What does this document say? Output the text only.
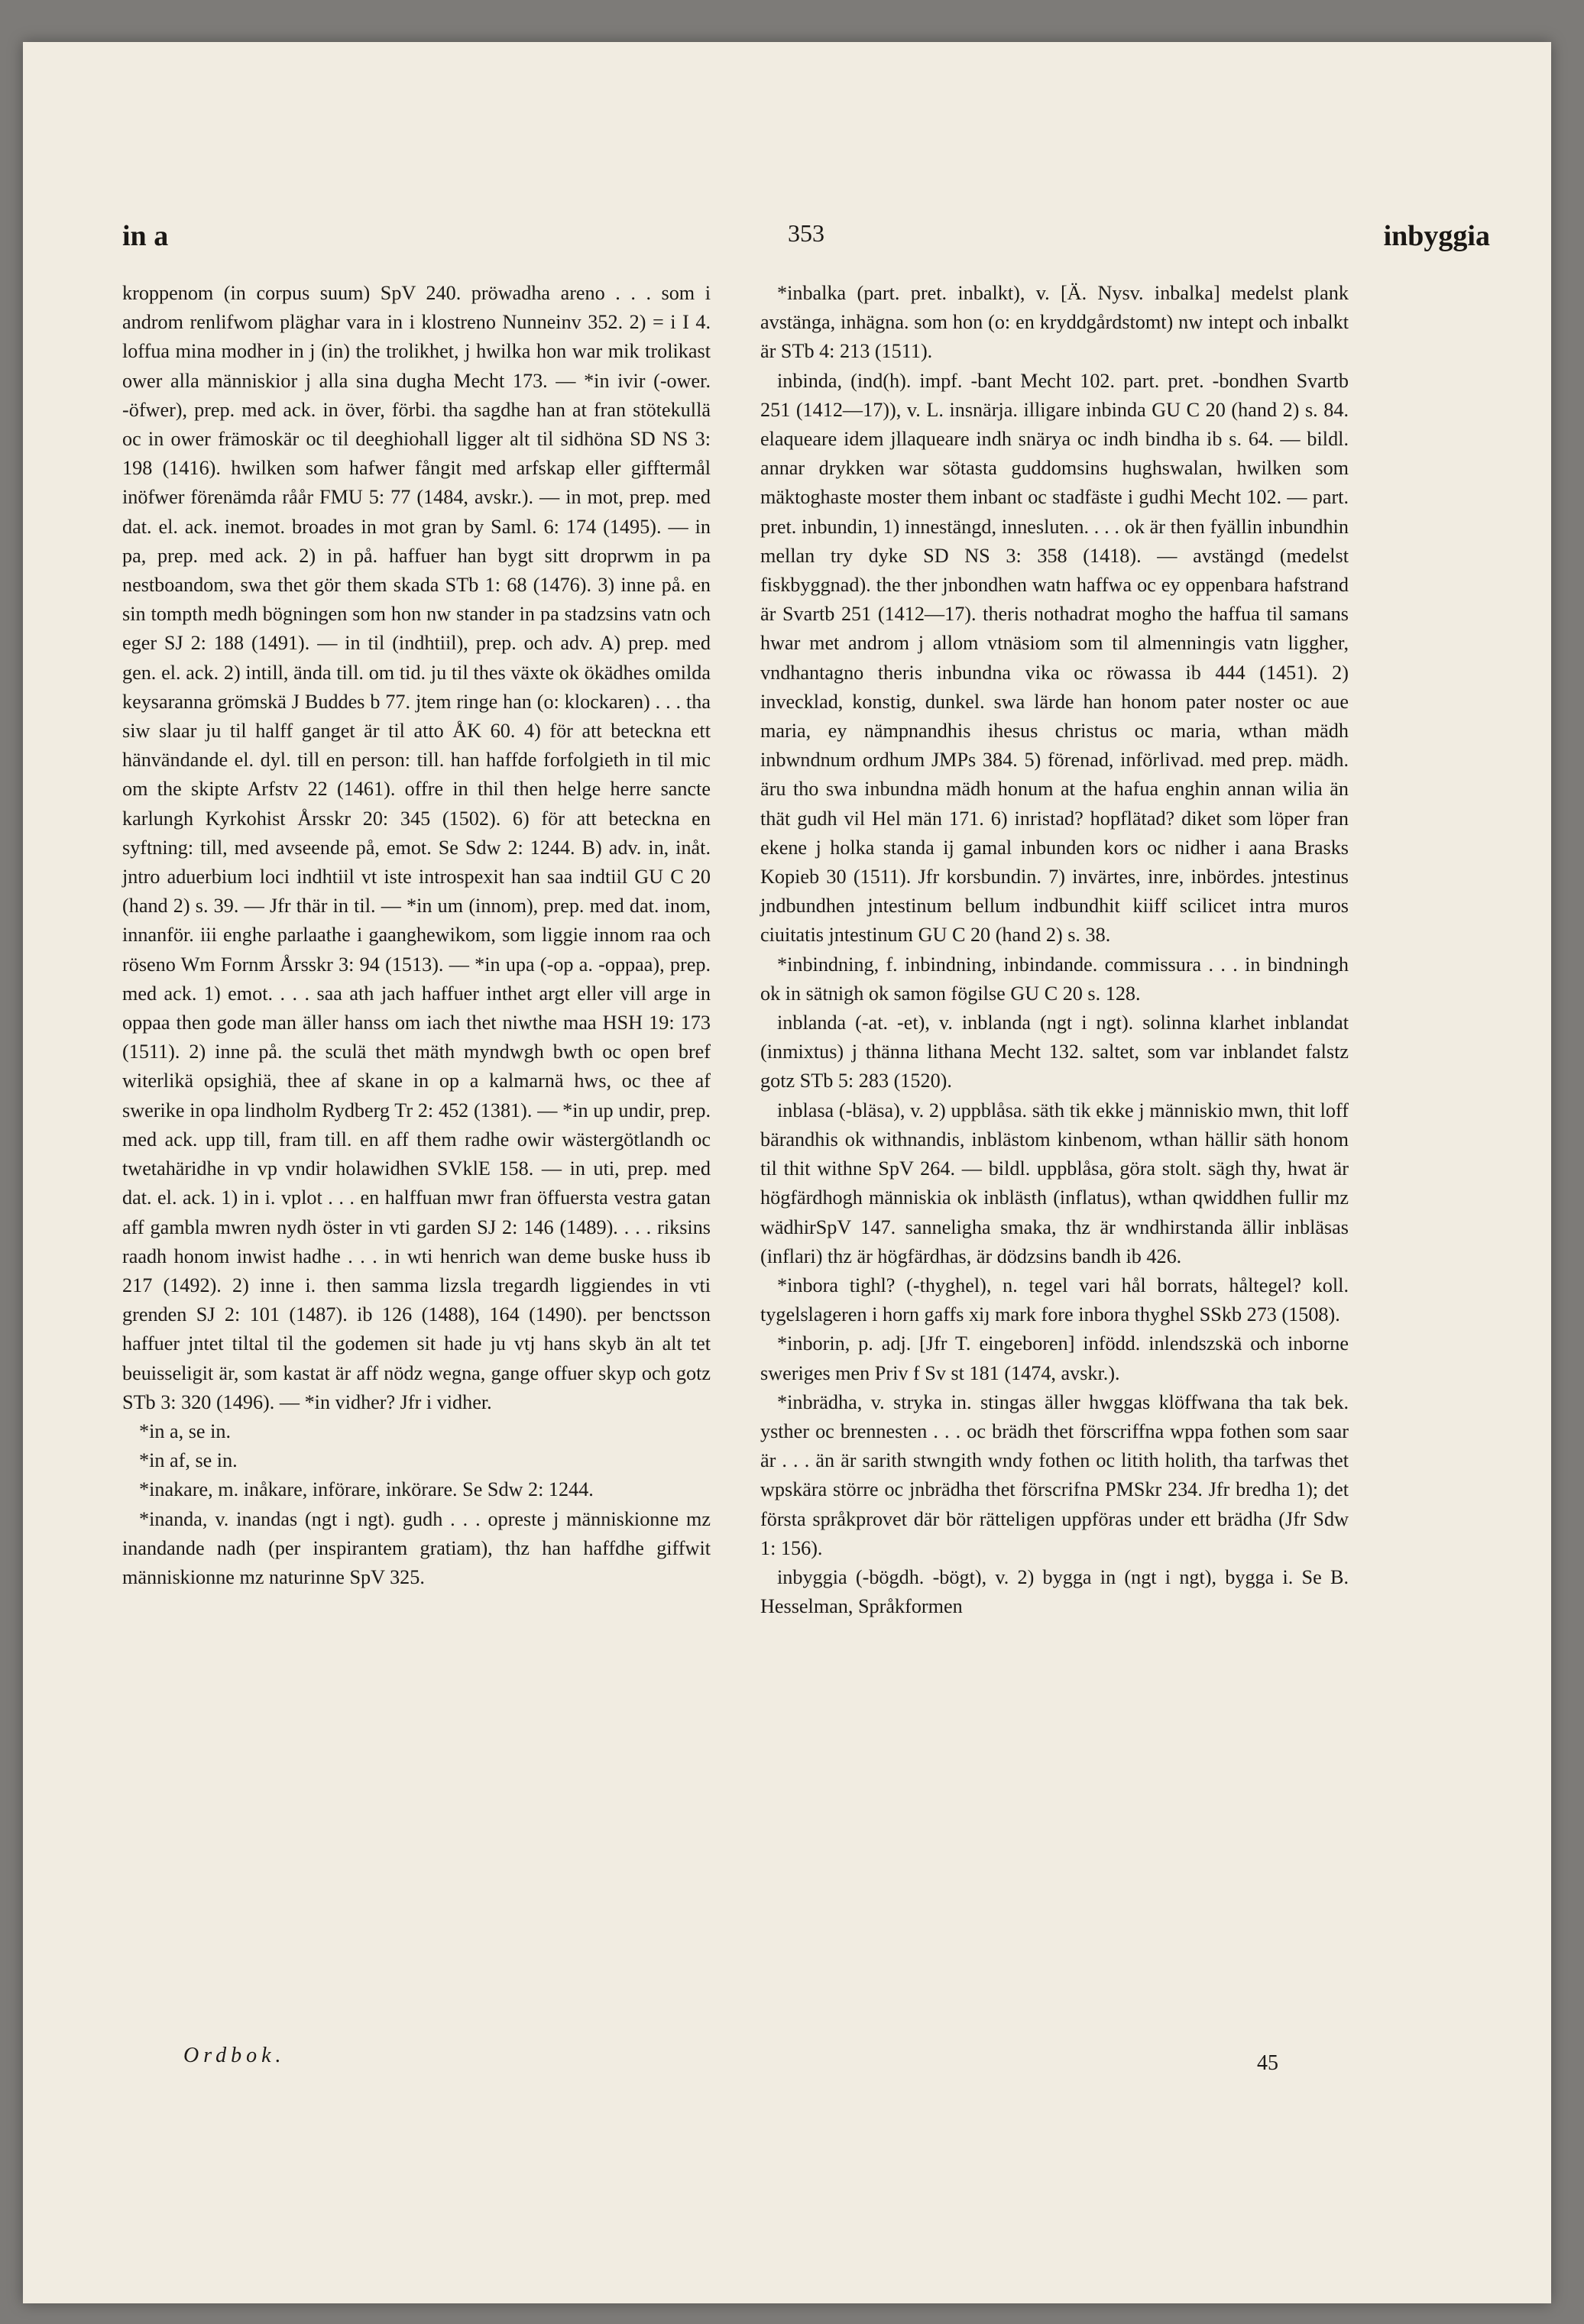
in a	353	inbyggia

kroppenom (in corpus suum) SpV 240. pröwadha areno . . . som i androm renlifwom pläghar vara in i klostreno Nunneinv 352. 2) = i I 4. loffua mina modher in j (in) the trolikhet, j hwilka hon war mik trolikast ower alla människior j alla sina dugha Mecht 173. — *in ivir (-ower. -öfwer), prep. med ack. in över, förbi. tha sagdhe han at fran stötekullä oc in ower främoskär oc til deeghiohall ligger alt til sidhöna SD NS 3: 198 (1416). hwilken som hafwer fångit med arfskap eller gifftermål inöfwer förenämda råår FMU 5: 77 (1484, avskr.). — in mot, prep. med dat. el. ack. inemot. broades in mot gran by Saml. 6: 174 (1495). — in pa, prep. med ack. 2) in på. haffuer han bygt sitt droprwm in pa nestboandom, swa thet gör them skada STb 1: 68 (1476). 3) inne på. en sin tompth medh bögningen som hon nw stander in pa stadzsins vatn och eger SJ 2: 188 (1491). — in til (indhtiil), prep. och adv. A) prep. med gen. el. ack. 2) intill, ända till. om tid. ju til thes växte ok ökädhes omilda keysaranna grömskä J Buddes b 77. jtem ringe han (o: klockaren) . . . tha siw slaar ju til halff ganget är til atto ÅK 60. 4) för att beteckna ett hänvändande el. dyl. till en person: till. han haffde forfolgieth in til mic om the skipte Arfstv 22 (1461). offre in thil then helge herre sancte karlungh Kyrkohist Årsskr 20: 345 (1502). 6) för att beteckna en syftning: till, med avseende på, emot. Se Sdw 2: 1244. B) adv. in, inåt. jntro aduerbium loci indhtiil vt iste introspexit han saa indtiil GU C 20 (hand 2) s. 39. — Jfr thär in til. — *in um (innom), prep. med dat. inom, innanför. iii enghe parlaathe i gaanghewikom, som liggie innom raa och röseno Wm Fornm Årsskr 3: 94 (1513). — *in upa (-op a. -oppaa), prep. med ack. 1) emot. . . . saa ath jach haffuer inthet argt eller vill arge in oppaa then gode man äller hanss om iach thet niwthe maa HSH 19: 173 (1511). 2) inne på. the sculä thet mäth myndwgh bwth oc open bref witerlikä opsighiä, thee af skane in op a kalmarnä hws, oc thee af swerike in opa lindholm Rydberg Tr 2: 452 (1381). — *in up undir, prep. med ack. upp till, fram till. en aff them radhe owir wästergötlandh oc twetahäridhe in vp vndir holawidhen SVklE 158. — in uti, prep. med dat. el. ack. 1) in i. vplot . . . en halffuan mwr fran öffuersta vestra gatan aff gambla mwren nydh öster in vti garden SJ 2: 146 (1489). . . . riksins raadh honom inwist hadhe . . . in wti henrich wan deme buske huss ib 217 (1492). 2) inne i. then samma lizsla tregardh liggiendes in vti grenden SJ 2: 101 (1487). ib 126 (1488), 164 (1490). per benctsson haffuer jntet tiltal til the godemen sit hade ju vtj hans skyb än alt tet beuisseligit är, som kastat är aff nödz wegna, gange offuer skyp och gotz STb 3: 320 (1496). — *in vidher? Jfr i vidher.

*in a, se in.

*in af, se in.

*inakare, m. inåkare, införare, inkörare. Se Sdw 2: 1244.

*inanda, v. inandas (ngt i ngt). gudh . . . opreste j människionne mz inandande nadh (per inspirantem gratiam), thz han haffdhe giffwit människionne mz naturinne SpV 325.

*inbalka (part. pret. inbalkt), v. [Ä. Nysv. inbalka] medelst plank avstänga, inhägna. som hon (o: en kryddgårdstomt) nw intept och inbalkt är STb 4: 213 (1511).

inbinda, (ind(h). impf. -bant Mecht 102. part. pret. -bondhen Svartb 251 (1412—17)), v. L. insnärja. illigare inbinda GU C 20 (hand 2) s. 84. elaqueare idem jllaqueare indh snärya oc indh bindha ib s. 64. — bildl. annar drykken war sötasta guddomsins hughswalan, hwilken som mäktoghaste moster them inbant oc stadfäste i gudhi Mecht 102. — part. pret. inbundin, 1) innestängd, innesluten. . . . ok är then fyällin inbundhin mellan try dyke SD NS 3: 358 (1418). — avstängd (medelst fiskbyggnad). the ther jnbondhen watn haffwa oc ey oppenbara hafstrand är Svartb 251 (1412—17). theris nothadrat mogho the haffua til samans hwar met androm j allom vtnäsiom som til almenningis vatn liggher, vndhantagno theris inbundna vika oc röwassa ib 444 (1451). 2) invecklad, konstig, dunkel. swa lärde han honom pater noster oc aue maria, ey nämpnandhis ihesus christus oc maria, wthan mädh inbwndnum ordhum JMPs 384. 5) förenad, införlivad. med prep. mädh. äru tho swa inbundna mädh honum at the hafua enghin annan wilia än thät gudh vil Hel män 171. 6) inristad? hopflätad? diket som löper fran ekene j holka standa ij gamal inbunden kors oc nidher i aana Brasks Kopieb 30 (1511). Jfr korsbundin. 7) invärtes, inre, inbördes. jntestinus jndbundhen jntestinum bellum indbundhit kiiff scilicet intra muros ciuitatis jntestinum GU C 20 (hand 2) s. 38.

*inbindning, f. inbindning, inbindande. commissura . . . in bindningh ok in sätnigh ok samon fögilse GU C 20 s. 128.

inblanda (-at. -et), v. inblanda (ngt i ngt). solinna klarhet inblandat (inmixtus) j thänna lithana Mecht 132. saltet, som var inblandet falstz gotz STb 5: 283 (1520).

inblasa (-bläsa), v. 2) uppblåsa. säth tik ekke j människio mwn, thit loff bärandhis ok withnandis, inblästom kinbenom, wthan hällir säth honom til thit withne SpV 264. — bildl. uppblåsa, göra stolt. sägh thy, hwat är högfärdhogh människia ok inblästh (inflatus), wthan qwiddhen fullir mz wädhirSpV 147. sanneligha smaka, thz är wndhirstanda ällir inbläsas (inflari) thz är högfärdhas, är dödzsins bandh ib 426.

*inbora tighl? (-thyghel), n. tegel vari hål borrats, håltegel? koll. tygelslageren i horn gaffs xiȷ mark fore inbora thyghel SSkb 273 (1508).

*inborin, p. adj. [Jfr T. eingeboren] infödd. inlendszskä och inborne sweriges men Priv f Sv st 181 (1474, avskr.).

*inbrädha, v. stryka in. stingas äller hwggas klöffwana tha tak bek. ysther oc brennesten . . . oc brädh thet förscriffna wppa fothen som saar är . . . än är sarith stwngith wndy fothen oc litith holith, tha tarfwas thet wpskära större oc jnbrädha thet förscrifna PMSkr 234. Jfr bredha 1); det första språkprovet där bör rätteligen uppföras under ett brädha (Jfr Sdw 1: 156).

inbyggia (-bögdh. -bögt), v. 2) bygga in (ngt i ngt), bygga i. Se B. Hesselman, Språkformen

Ordbok.	45
